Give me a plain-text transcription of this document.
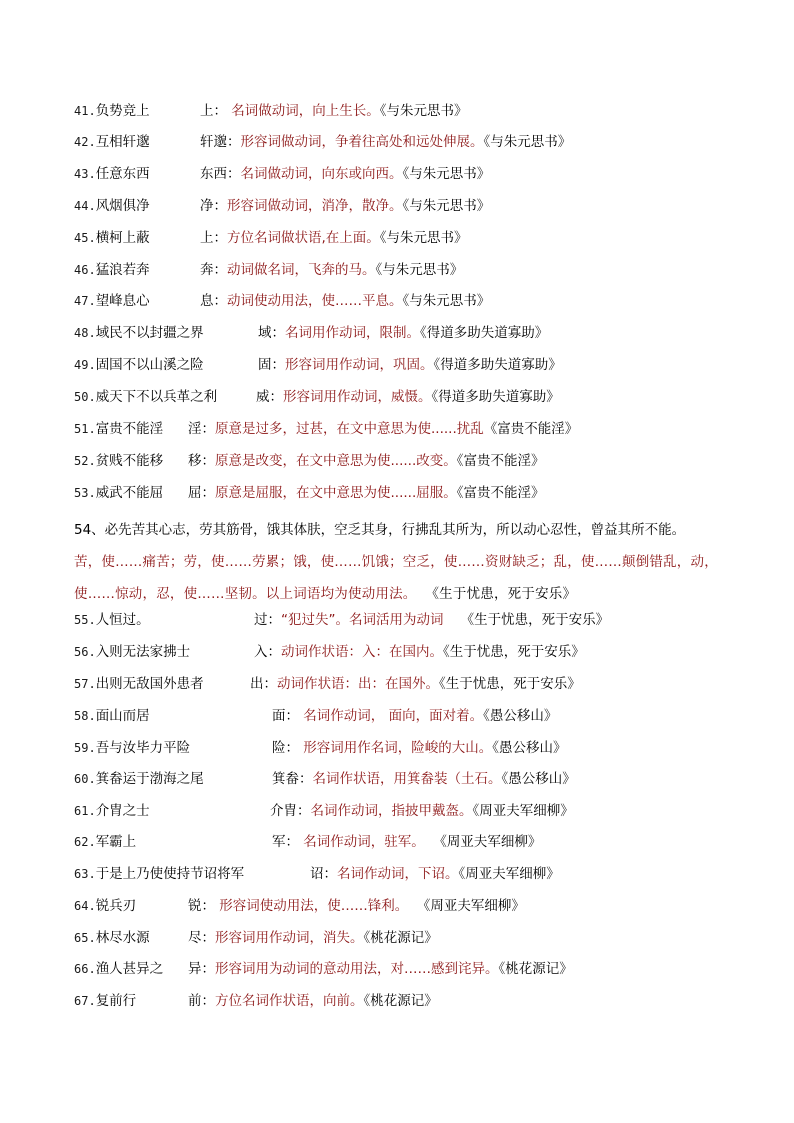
41.负势竞上	上： 名词做动词，向上生长。《与朱元思书》
42.互相轩邈	轩邈：形容词做动词，争着往高处和远处伸展。《与朱元思书》
43.任意东西	东西：名词做动词，向东或向西。《与朱元思书》
44.风烟俱净	净：形容词做动词，消净，散净。《与朱元思书》
45.横柯上蔽	上：方位名词做状语,在上面。《与朱元思书》
46.猛浪若奔	奔：动词做名词，飞奔的马。《与朱元思书》
47.望峰息心	息：动词使动用法，使……平息。《与朱元思书》
48.域民不以封疆之界	域：名词用作动词，限制。《得道多助失道寡助》
49.固国不以山溪之险	固：形容词用作动词，巩固。《得道多助失道寡助》
50.威天下不以兵革之利	威：形容词用作动词，威慑。《得道多助失道寡助》
51.富贵不能淫 淫：原意是过多，过甚，在文中意思为使......扰乱《富贵不能淫》
52.贫贱不能移 移：原意是改变，在文中意思为使......改变。《富贵不能淫》
53.威武不能屈 屈：原意是屈服，在文中意思为使......屈服。《富贵不能淫》
54、必先苦其心志，劳其筋骨，饿其体肤，空乏其身，行拂乱其所为，所以动心忍性，曾益其所不能。
苦，使……痛苦；劳，使……劳累；饿，使……饥饿；空乏，使……资财缺乏；乱，使……颠倒错乱，动，
使……惊动，忍，使……坚韧。以上词语均为使动用法。 《生于忧患，死于安乐》
55.人恒过。	过：“犯过失”。名词活用为动词 《生于忧患，死于安乐》
56.入则无法家拂士	入：动词作状语：入：在国内。《生于忧患，死于安乐》
57.出则无敌国外患者	出：动词作状语：出：在国外。《生于忧患，死于安乐》
58.面山而居	面： 名词作动词， 面向，面对着。《愚公移山》
59.吾与汝毕力平险	险： 形容词用作名词，险峻的大山。《愚公移山》
60.箕畚运于渤海之尾	箕畚：名词作状语，用箕畚装（土石。《愚公移山》
61.介胄之士	介胄：名词作动词，指披甲戴盔。《周亚夫军细柳》
62.军霸上	军： 名词作动词，驻军。 《周亚夫军细柳》
63.于是上乃使使持节诏将军	诏：名词作动词，下诏。《周亚夫军细柳》
64.锐兵刃	锐： 形容词使动用法，使……锋利。 《周亚夫军细柳》
65.林尽水源	尽：形容词用作动词，消失。《桃花源记》
66.渔人甚异之 异：形容词用为动词的意动用法，对……感到诧异。《桃花源记》
67.复前行	前：方位名词作状语，向前。《桃花源记》
